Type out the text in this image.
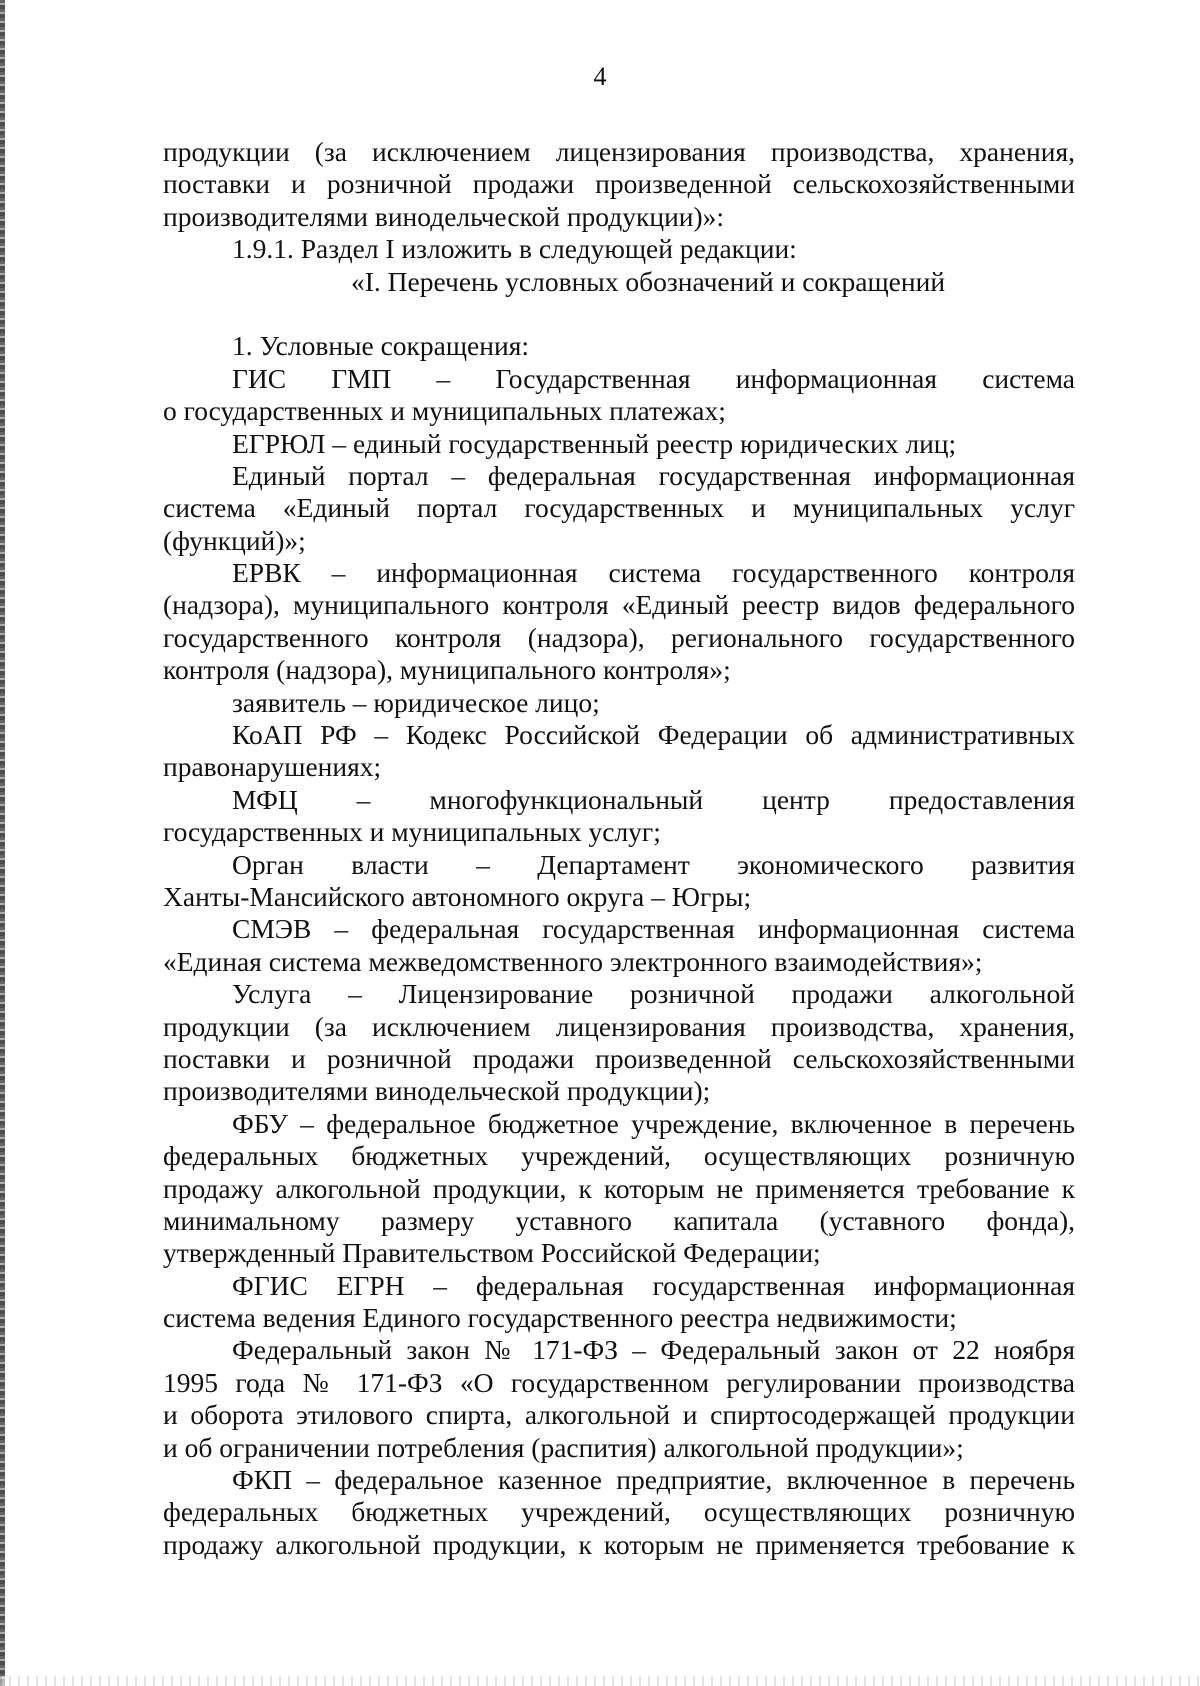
4
продукции (за исключением лицензирования производства, хранения,
поставки и розничной продажи произведенной сельскохозяйственными
производителями винодельческой продукции)»:
1.9.1. Раздел I изложить в следующей редакции:
«I. Перечень условных обозначений и сокращений
1. Условные сокращения:
ГИС ГМП – Государственная информационная система
о государственных и муниципальных платежах;
ЕГРЮЛ – единый государственный реестр юридических лиц;
Единый портал – федеральная государственная информационная
система «Единый портал государственных и муниципальных услуг
(функций)»;
ЕРВК – информационная система государственного контроля
(надзора), муниципального контроля «Единый реестр видов федерального
государственного контроля (надзора), регионального государственного
контроля (надзора), муниципального контроля»;
заявитель – юридическое лицо;
КоАП РФ – Кодекс Российской Федерации об административных
правонарушениях;
МФЦ – многофункциональный центр предоставления
государственных и муниципальных услуг;
Орган власти – Департамент экономического развития
Ханты-Мансийского автономного округа – Югры;
СМЭВ – федеральная государственная информационная система
«Единая система межведомственного электронного взаимодействия»;
Услуга – Лицензирование розничной продажи алкогольной
продукции (за исключением лицензирования производства, хранения,
поставки и розничной продажи произведенной сельскохозяйственными
производителями винодельческой продукции);
ФБУ – федеральное бюджетное учреждение, включенное в перечень
федеральных бюджетных учреждений, осуществляющих розничную
продажу алкогольной продукции, к которым не применяется требование к
минимальному размеру уставного капитала (уставного фонда),
утвержденный Правительством Российской Федерации;
ФГИС ЕГРН – федеральная государственная информационная
система ведения Единого государственного реестра недвижимости;
Федеральный закон № 171-ФЗ – Федеральный закон от 22 ноября
1995 года № 171-ФЗ «О государственном регулировании производства
и оборота этилового спирта, алкогольной и спиртосодержащей продукции
и об ограничении потребления (распития) алкогольной продукции»;
ФКП – федеральное казенное предприятие, включенное в перечень
федеральных бюджетных учреждений, осуществляющих розничную
продажу алкогольной продукции, к которым не применяется требование к
